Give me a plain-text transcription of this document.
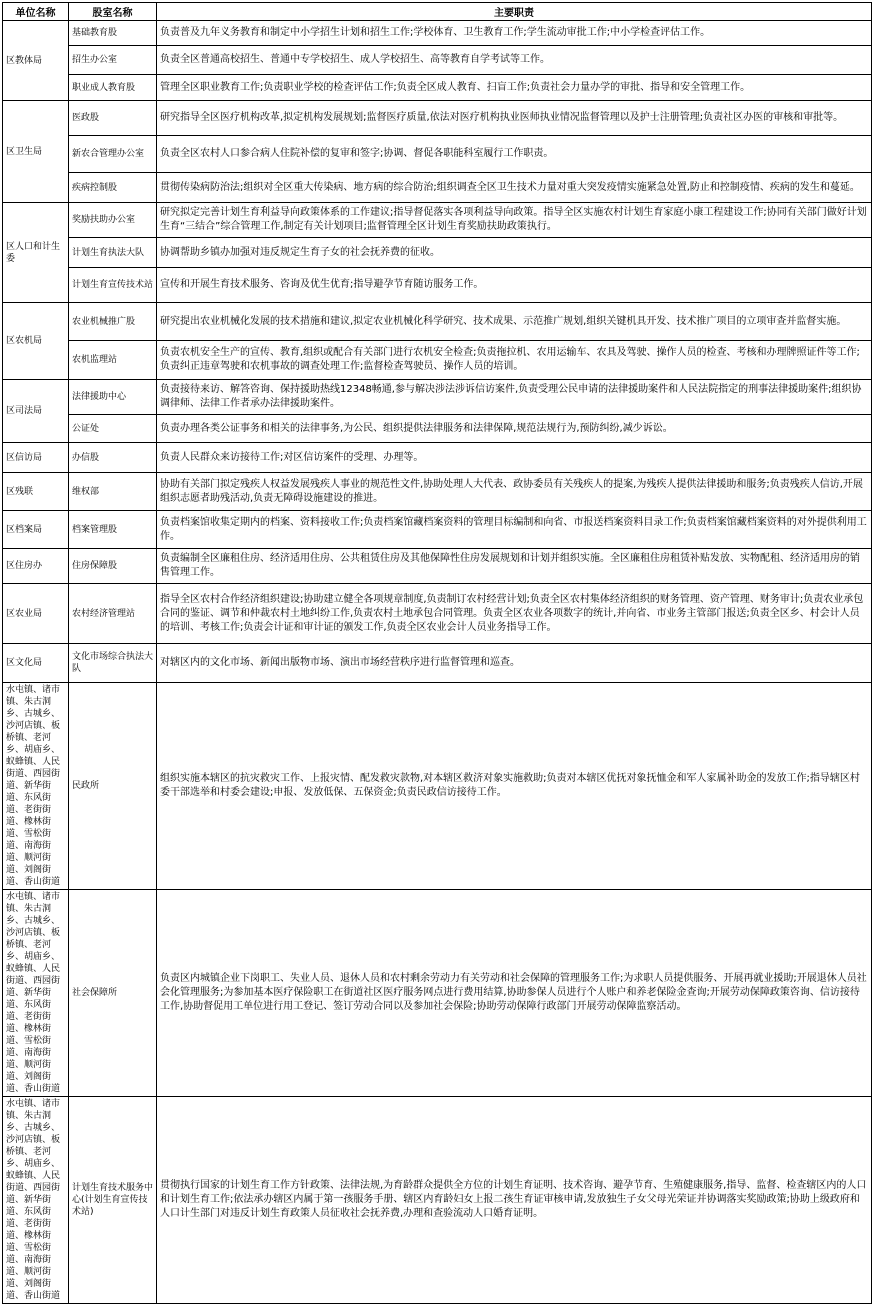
单位名称	股室名称	主要职责
区教体局	基础教育股	负责普及九年义务教育和制定中小学招生计划和招生工作;学校体育、卫生教育工作;学生流动审批工作;中小学检查评估工作。
	招生办公室	负责全区普通高校招生、普通中专学校招生、成人学校招生、高等教育自学考试等工作。
	职业成人教育股	管理全区职业教育工作;负责职业学校的检查评估工作;负责全区成人教育、扫盲工作;负责社会力量办学的审批、指导和安全管理工作。
区卫生局	医政股	研究指导全区医疗机构改革,拟定机构发展规划;监督医疗质量,依法对医疗机构执业医师执业情况监督管理以及护士注册管理;负责社区办医的审核和审批等。
	新农合管理办公室	负责全区农村人口参合病人住院补偿的复审和签字;协调、督促各职能科室履行工作职责。
	疾病控制股	贯彻传染病防治法;组织对全区重大传染病、地方病的综合防治;组织调查全区卫生技术力量对重大突发疫情实施紧急处置,防止和控制疫情、疾病的发生和蔓延。
区人口和计生委	奖励扶助办公室	研究拟定完善计划生育利益导向政策体系的工作建议;指导督促落实各项利益导向政策。指导全区实施农村计划生育家庭小康工程建设工作;协同有关部门做好计划生育“三结合”综合管理工作,制定有关计划项目;监督管理全区计划生育奖励扶助政策执行。
	计划生育执法大队	协调帮助乡镇办加强对违反规定生育子女的社会抚养费的征收。
	计划生育宣传技术站	宣传和开展生育技术服务、咨询及优生优育;指导避孕节育随访服务工作。
区农机局	农业机械推广股	研究提出农业机械化发展的技术措施和建议,拟定农业机械化科学研究、技术成果、示范推广规划,组织关键机具开发、技术推广项目的立项审查并监督实施。
	农机监理站	负责农机安全生产的宣传、教育,组织或配合有关部门进行农机安全检查;负责拖拉机、农用运输车、农具及驾驶、操作人员的检查、考核和办理牌照证件等工作;负责纠正违章驾驶和农机事故的调查处理工作;监督检查驾驶员、操作人员的培训。
区司法局	法律援助中心	负责接待来访、解答咨询、保持援助热线12348畅通,参与解决涉法涉诉信访案件,负责受理公民申请的法律援助案件和人民法院指定的刑事法律援助案件;组织协调律师、法律工作者承办法律援助案件。
	公证处	负责办理各类公证事务和相关的法律事务,为公民、组织提供法律服务和法律保障,规范法规行为,预防纠纷,减少诉讼。
区信访局	办信股	负责人民群众来访接待工作;对区信访案件的受理、办理等。
区残联	维权部	协助有关部门拟定残疾人权益发展残疾人事业的规范性文件,协助处理人大代表、政协委员有关残疾人的提案,为残疾人提供法律援助和服务;负责残疾人信访,开展组织志愿者助残活动,负责无障碍设施建设的推进。
区档案局	档案管理股	负责档案馆收集定期内的档案、资料接收工作;负责档案馆藏档案资料的管理目标编制和向省、市报送档案资料目录工作;负责档案馆藏档案资料的对外提供利用工作。
区住房办	住房保障股	负责编制全区廉租住房、经济适用住房、公共租赁住房及其他保障性住房发展规划和计划并组织实施。全区廉租住房租赁补贴发放、实物配租、经济适用房的销售管理工作。
区农业局	农村经济管理站	指导全区农村合作经济组织建设;协助建立健全各项规章制度,负责制订农村经营计划;负责全区农村集体经济组织的财务管理、资产管理、财务审计;负责农业承包合同的鉴证、调节和仲裁农村土地纠纷工作,负责农村土地承包合同管理。负责全区农业各项数字的统计,并向省、市业务主管部门报送;负责全区乡、村会计人员的培训、考核工作;负责会计证和审计证的颁发工作,负责全区农业会计人员业务指导工作。
区文化局	文化市场综合执法大队	对辖区内的文化市场、新闻出版物市场、演出市场经营秩序进行监督管理和巡查。
水屯镇、诸市镇、朱古洞乡、古城乡、沙河店镇、板桥镇、老河乡、胡庙乡、蚁蜂镇、人民街道、西园街道、新华街道、东风街道、老街街道、橡林街道、雪松街道、南海街道、顺河街道、刘阁街道、香山街道	民政所	组织实施本辖区的抗灾救灾工作、上报灾情、配发救灾款物,对本辖区救济对象实施救助;负责对本辖区优抚对象抚恤金和军人家属补助金的发放工作;指导辖区村委干部选举和村委会建设;申报、发放低保、五保资金;负责民政信访接待工作。
水屯镇、诸市镇、朱古洞乡、古城乡、沙河店镇、板桥镇、老河乡、胡庙乡、蚁蜂镇、人民街道、西园街道、新华街道、东风街道、老街街道、橡林街道、雪松街道、南海街道、顺河街道、刘阁街道、香山街道	社会保障所	负责区内城镇企业下岗职工、失业人员、退休人员和农村剩余劳动力有关劳动和社会保障的管理服务工作;为求职人员提供服务、开展再就业援助;开展退休人员社会化管理服务;为参加基本医疗保险职工在街道社区医疗服务网点进行费用结算,协助参保人员进行个人账户和养老保险金查询;开展劳动保障政策咨询、信访接待工作,协助督促用工单位进行用工登记、签订劳动合同以及参加社会保险;协助劳动保障行政部门开展劳动保障监察活动。
水屯镇、诸市镇、朱古洞乡、古城乡、沙河店镇、板桥镇、老河乡、胡庙乡、蚁蜂镇、人民街道、西园街道、新华街道、东风街道、老街街道、橡林街道、雪松街道、南海街道、顺河街道、刘阁街道、香山街道	计划生育技术服务中心(计划生育宣传技术站)	贯彻执行国家的计划生育工作方针政策、法律法规,为育龄群众提供全方位的计划生育证明、技术咨询、避孕节育、生殖健康服务,指导、监督、检查辖区内的人口和计划生育工作;依法承办辖区内属于第一孩服务手册、辖区内育龄妇女上报二孩生育证审核申请,发放独生子女父母光荣证并协调落实奖励政策;协助上级政府和人口计生部门对违反计划生育政策人员征收社会抚养费,办理和查验流动人口婚育证明。
